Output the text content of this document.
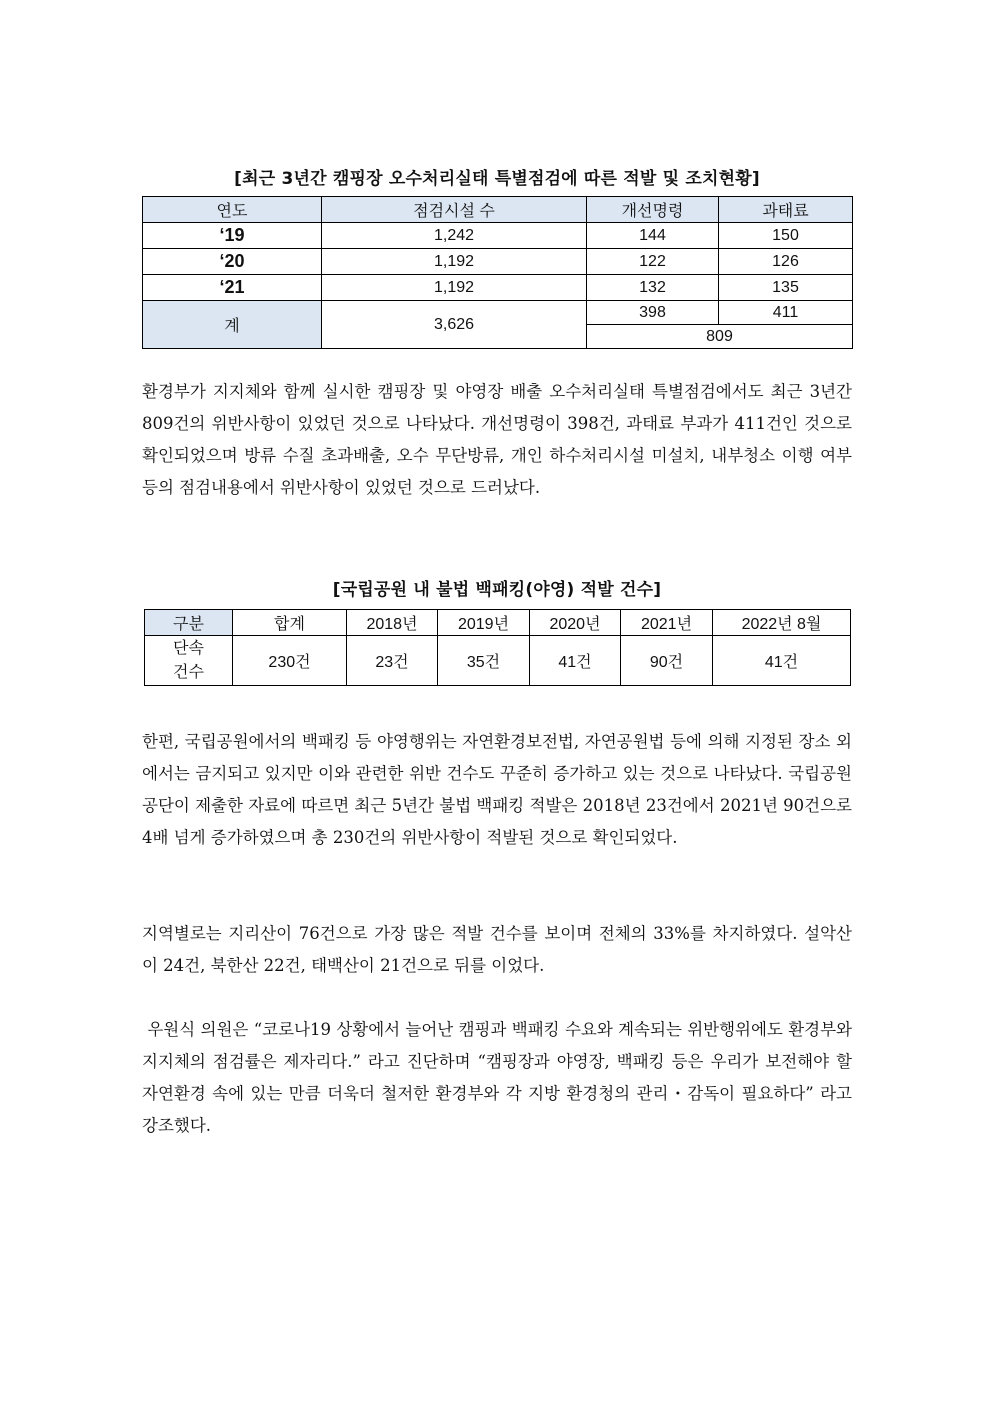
[최근 3년간 캠핑장 오수처리실태 특별점검에 따른 적발 및 조치현황]
연도	점검시설 수	개선명령	과태료
‘19	1,242	144	150
‘20	1,192	122	126
‘21	1,192	132	135
계	3,626	398	411
		809	

환경부가 지지체와 함께 실시한 캠핑장 및 야영장 배출 오수처리실태 특별점검에서도 최근 3년간 809건의 위반사항이 있었던 것으로 나타났다. 개선명령이 398건, 과태료 부과가 411건인 것으로 확인되었으며 방류 수질 초과배출, 오수 무단방류, 개인 하수처리시설 미설치, 내부청소 이행 여부 등의 점검내용에서 위반사항이 있었던 것으로 드러났다.

[국립공원 내 불법 백패킹(야영) 적발 건수]
구분	합계	2018년	2019년	2020년	2021년	2022년 8월

단속
건수	230건	23건	35건	41건	90건	41건

한편, 국립공원에서의 백패킹 등 야영행위는 자연환경보전법, 자연공원법 등에 의해 지정된 장소 외에서는 금지되고 있지만 이와 관련한 위반 건수도 꾸준히 증가하고 있는 것으로 나타났다. 국립공원공단이 제출한 자료에 따르면 최근 5년간 불법 백패킹 적발은 2018년 23건에서 2021년 90건으로 4배 넘게 증가하였으며 총 230건의 위반사항이 적발된 것으로 확인되었다.

지역별로는 지리산이 76건으로 가장 많은 적발 건수를 보이며 전체의 33%를 차지하였다. 설악산이 24건, 북한산 22건, 태백산이 21건으로 뒤를 이었다.

우원식 의원은 “코로나19 상황에서 늘어난 캠핑과 백패킹 수요와 계속되는 위반행위에도 환경부와 지지체의 점검률은 제자리다.” 라고 진단하며 “캠핑장과 야영장, 백패킹 등은 우리가 보전해야 할 자연환경 속에 있는 만큼 더욱더 철저한 환경부와 각 지방 환경청의 관리・감독이 필요하다” 라고 강조했다.
